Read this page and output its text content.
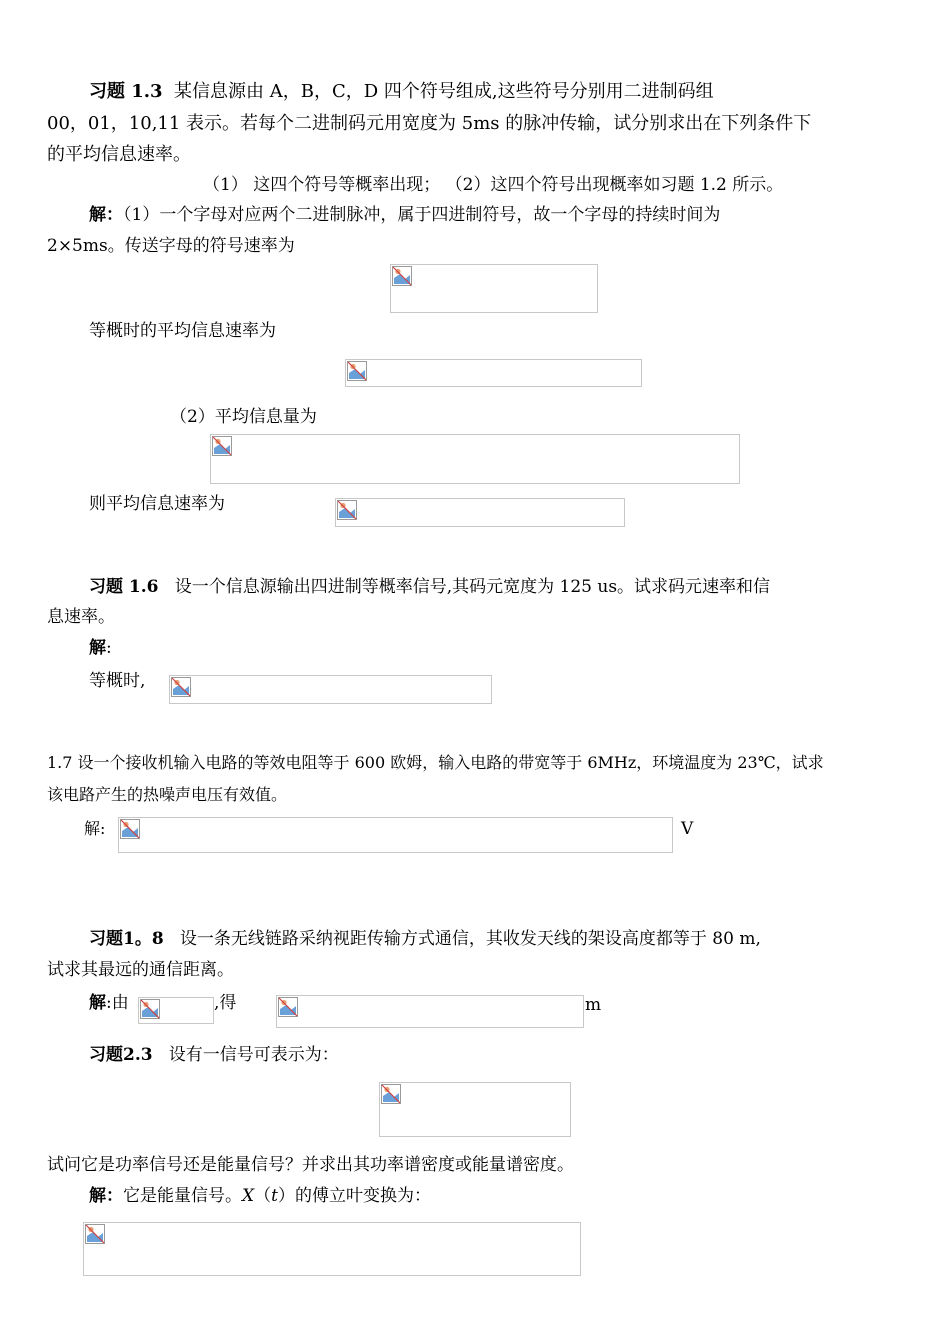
习题 1.3 某信息源由 A，B，C，D 四个符号组成,这些符号分别用二进制码组
00，01，10,11 表示。若每个二进制码元用宽度为 5ms 的脉冲传输，试分别求出在下列条件下
的平均信息速率。
（1） 这四个符号等概率出现； （2）这四个符号出现概率如习题 1.2 所示。
解：（1）一个字母对应两个二进制脉冲，属于四进制符号，故一个字母的持续时间为
2×5ms。传送字母的符号速率为
等概时的平均信息速率为
（2）平均信息量为
则平均信息速率为
习题 1.6 设一个信息源输出四进制等概率信号,其码元宽度为 125 us。试求码元速率和信
息速率。
解:
等概时,
1.7 设一个接收机输入电路的等效电阻等于 600 欧姆，输入电路的带宽等于 6MHz，环境温度为 23℃，试求
该电路产生的热噪声电压有效值。
解:	V
习题1。8 设一条无线链路采纳视距传输方式通信，其收发天线的架设高度都等于 80 m,
试求其最远的通信距离。
解:由	,得	m
习题2.3 设有一信号可表示为：
试问它是功率信号还是能量信号？并求出其功率谱密度或能量谱密度。
解：它是能量信号。X（t）的傅立叶变换为：
